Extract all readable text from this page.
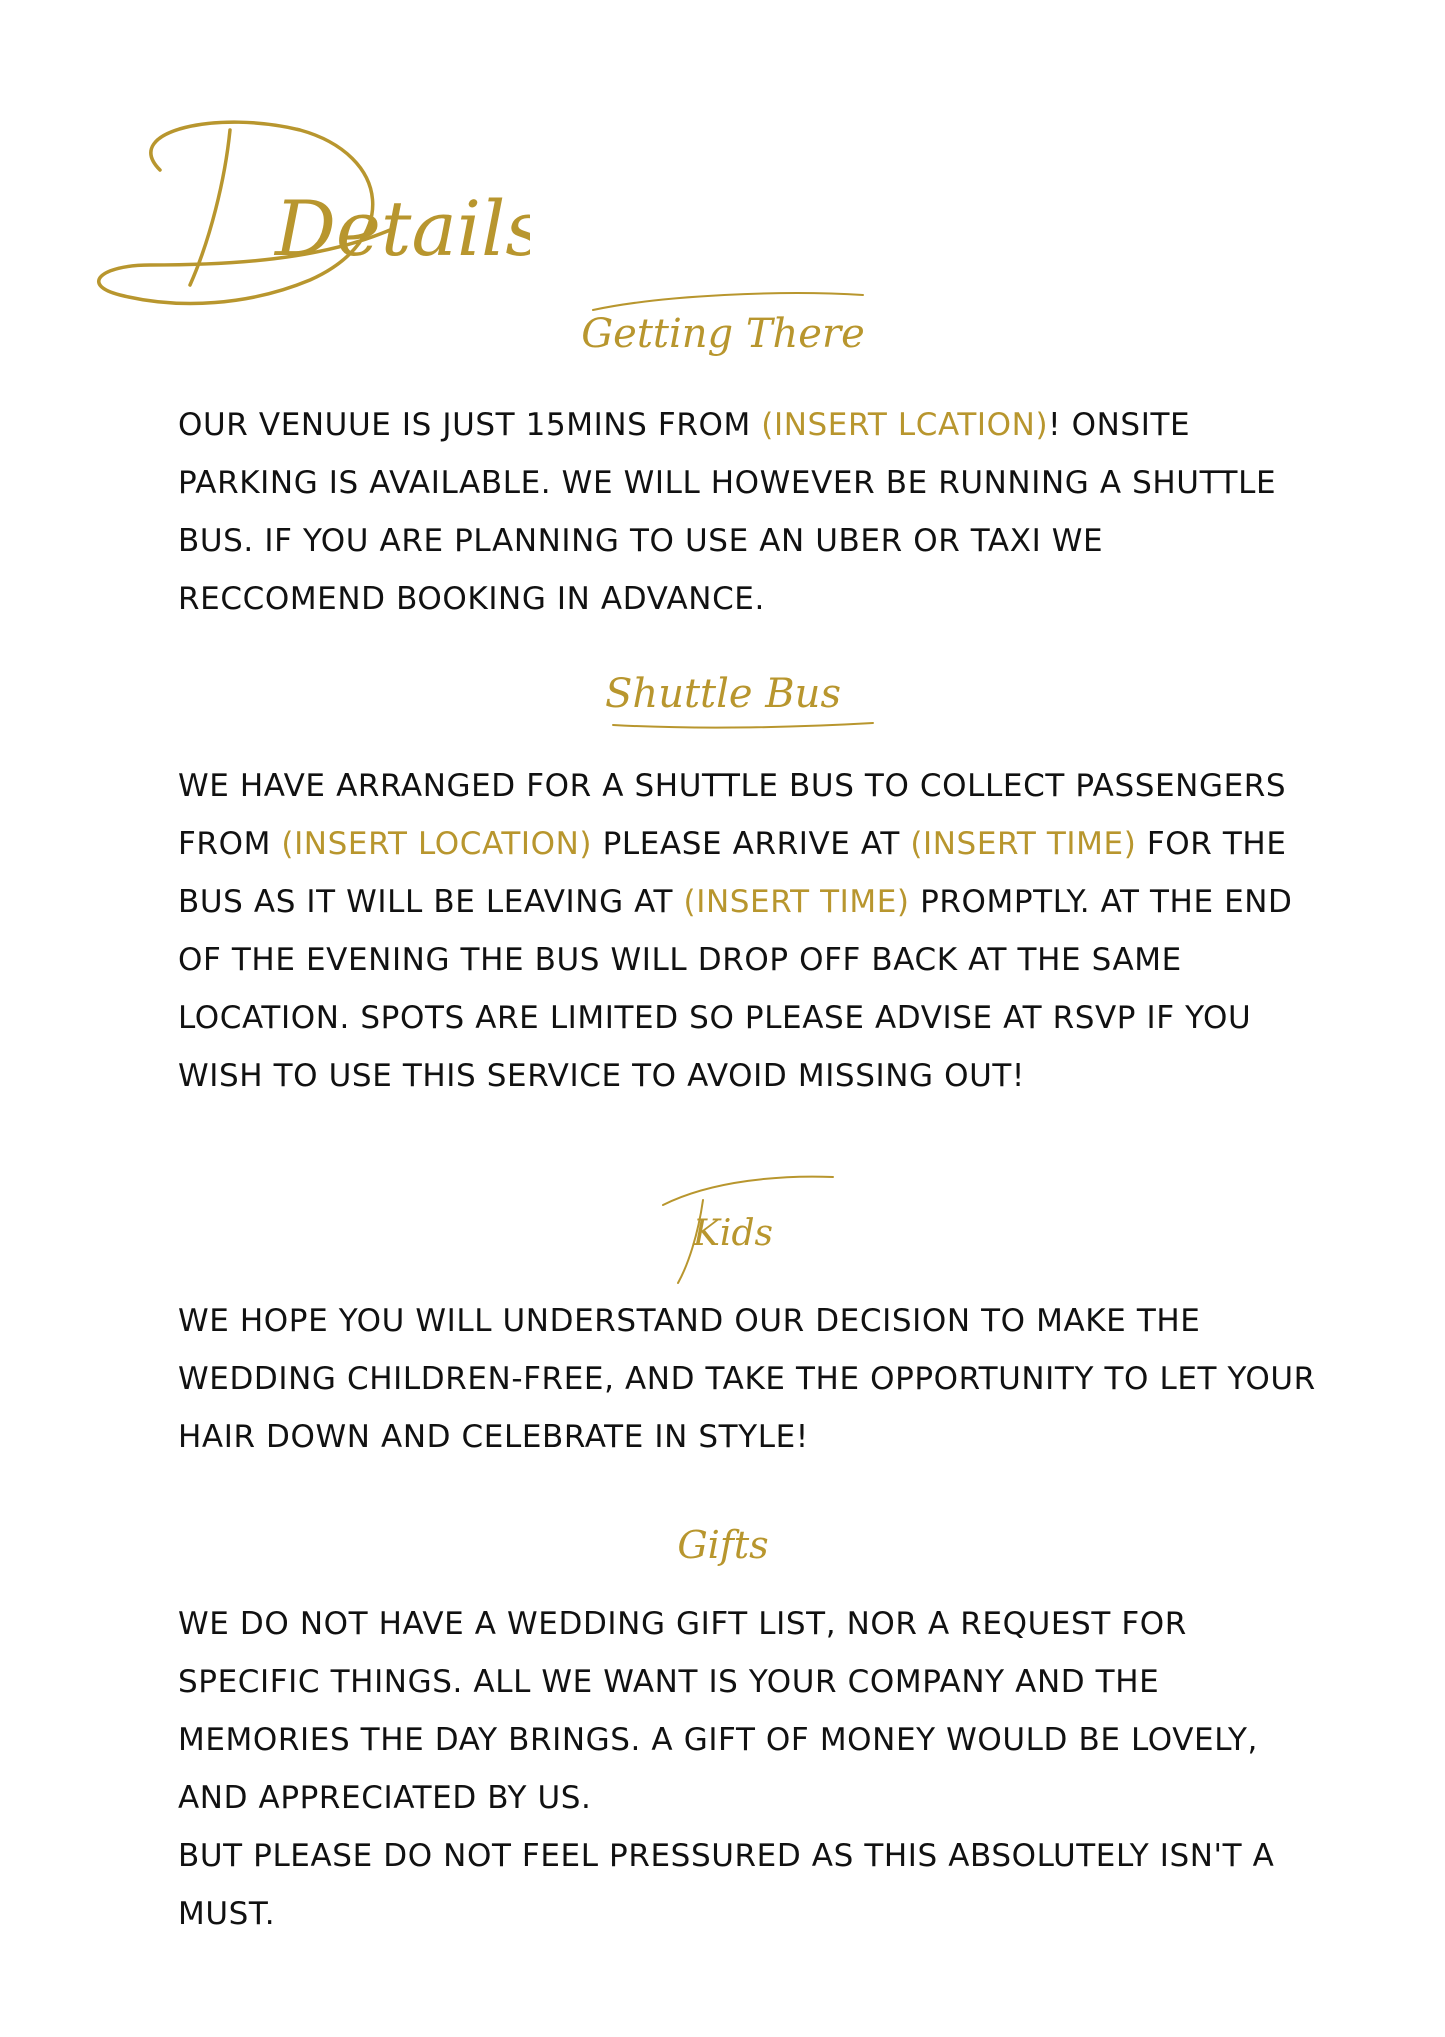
Details
Getting There

OUR VENUUE IS JUST 15MINS FROM (INSERT LCATION)! ONSITE PARKING IS AVAILABLE. WE WILL HOWEVER BE RUNNING A SHUTTLE BUS. IF YOU ARE PLANNING TO USE AN UBER OR TAXI WE RECCOMEND BOOKING IN ADVANCE.

Shuttle Bus

WE HAVE ARRANGED FOR A SHUTTLE BUS TO COLLECT PASSENGERS FROM (INSERT LOCATION) PLEASE ARRIVE AT (INSERT TIME) FOR THE BUS AS IT WILL BE LEAVING AT (INSERT TIME) PROMPTLY. AT THE END OF THE EVENING THE BUS WILL DROP OFF BACK AT THE SAME LOCATION. SPOTS ARE LIMITED SO PLEASE ADVISE AT RSVP IF YOU WISH TO USE THIS SERVICE TO AVOID MISSING OUT!

Kids

WE HOPE YOU WILL UNDERSTAND OUR DECISION TO MAKE THE WEDDING CHILDREN-FREE, AND TAKE THE OPPORTUNITY TO LET YOUR HAIR DOWN AND CELEBRATE IN STYLE!

Gifts
WE DO NOT HAVE A WEDDING GIFT LIST, NOR A REQUEST FOR SPECIFIC THINGS. ALL WE WANT IS YOUR COMPANY AND THE MEMORIES THE DAY BRINGS. A GIFT OF MONEY WOULD BE LOVELY, AND APPRECIATED BY US.
BUT PLEASE DO NOT FEEL PRESSURED AS THIS ABSOLUTELY ISN'T A MUST.
